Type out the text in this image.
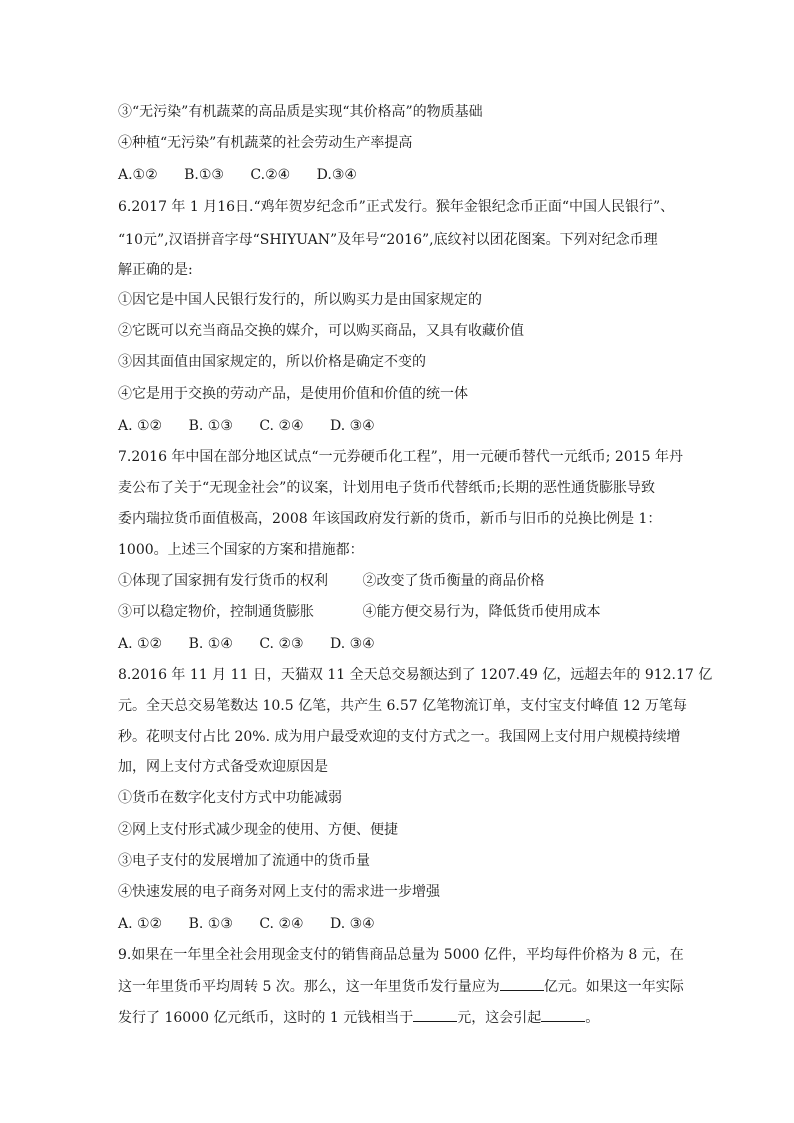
③“无污染”有机蔬菜的高品质是实现“其价格高”的物质基础
④种植“无污染”有机蔬菜的社会劳动生产率提高
A.①② B.①③ C.②④ D.③④
6.2017 年 1 月16日.“鸡年贺岁纪念币”正式发行。猴年金银纪念币正面“中国人民银行”、
“10元”,汉语拼音字母“SHIYUAN”及年号“2016”,底纹衬以团花图案。下列对纪念币理
解正确的是:
①因它是中国人民银行发行的，所以购买力是由国家规定的
②它既可以充当商品交换的媒介，可以购买商品，又具有收藏价值
③因其面值由国家规定的，所以价格是确定不变的
④它是用于交换的劳动产品，是使用价值和价值的统一体
A. ①② B. ①③ C. ②④ D. ③④
7.2016 年中国在部分地区试点“一元券硬币化工程”，用一元硬币替代一元纸币; 2015 年丹
麦公布了关于“无现金社会”的议案，计划用电子货币代替纸币;长期的恶性通货膨胀导致
委内瑞拉货币面值极高，2008 年该国政府发行新的货币，新币与旧币的兑换比例是 1：
1000。上述三个国家的方案和措施都：
①体现了国家拥有发行货币的权利 ②改变了货币衡量的商品价格
③可以稳定物价，控制通货膨胀	④能方便交易行为，降低货币使用成本
A. ①② B. ①④ C. ②③ D. ③④
8.2016 年 11 月 11 日，天猫双 11 全天总交易额达到了 1207.49 亿，远超去年的 912.17 亿
元。全天总交易笔数达 10.5 亿笔，共产生 6.57 亿笔物流订单，支付宝支付峰值 12 万笔每
秒。花呗支付占比 20%. 成为用户最受欢迎的支付方式之一。我国网上支付用户规模持续增
加，网上支付方式备受欢迎原因是
①货币在数字化支付方式中功能减弱
②网上支付形式减少现金的使用、方便、便捷
③电子支付的发展增加了流通中的货币量
④快速发展的电子商务对网上支付的需求进一步增强
A. ①② B. ①③ C. ②④ D. ③④
9.如果在一年里全社会用现金支付的销售商品总量为 5000 亿件，平均每件价格为 8 元，在
这一年里货币平均周转 5 次。那么，这一年里货币发行量应为	亿元。如果这一年实际
发行了 16000 亿元纸币，这时的 1 元钱相当于	元，这会引起	。
